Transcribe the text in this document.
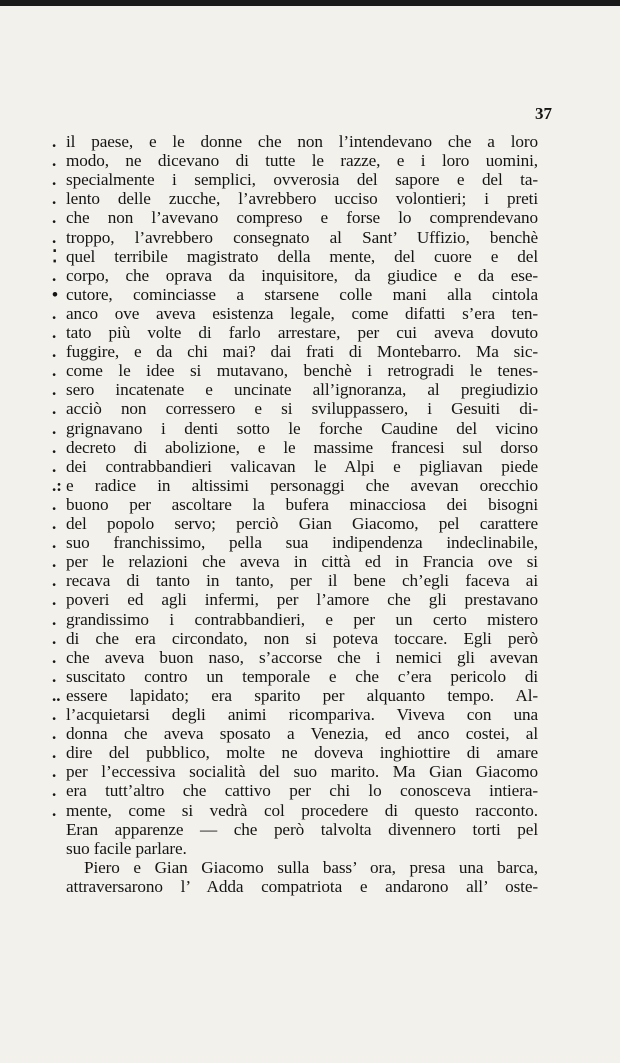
37
. il paese, e le donne che non l’intendevano che a loro
. modo, ne dicevano di tutte le razze, e i loro uomini,
. specialmente i semplici, ovverosia del sapore e del ta-
. lento delle zucche, l’avrebbero ucciso volontieri; i preti
. che non l’avevano compreso e forse lo comprendevano
. troppo, l’avrebbero consegnato al Sant’ Uffizio, benchè
⁚ quel terribile magistrato della mente, del cuore e del
. corpo, che oprava da inquisitore, da giudice e da ese-
• cutore, cominciasse a starsene colle mani alla cintola
. anco ove aveva esistenza legale, come difatti s’era ten-
. tato più volte di farlo arrestare, per cui aveva dovuto
. fuggire, e da chi mai? dai frati di Montebarro. Ma sic-
. come le idee si mutavano, benchè i retrogradi le tenes-
. sero incatenate e uncinate all’ignoranza, al pregiudizio
. acciò non corressero e si sviluppassero, i Gesuiti di-
. grignavano i denti sotto le forche Caudine del vicino
. decreto di abolizione, e le massime francesi sul dorso
. dei contrabbandieri valicavan le Alpi e pigliavan piede
.: e radice in altissimi personaggi che avevan orecchio
. buono per ascoltare la bufera minacciosa dei bisogni
. del popolo servo; perciò Gian Giacomo, pel carattere
. suo franchissimo, pella sua indipendenza indeclinabile,
. per le relazioni che aveva in città ed in Francia ove si
. recava di tanto in tanto, per il bene ch’egli faceva ai
. poveri ed agli infermi, per l’amore che gli prestavano
. grandissimo i contrabbandieri, e per un certo mistero
. di che era circondato, non si poteva toccare. Egli però
. che aveva buon naso, s’accorse che i nemici gli avevan
. suscitato contro un temporale e che c’era pericolo di
.. essere lapidato; era sparito per alquanto tempo. Al-
. l’acquietarsi degli animi ricompariva. Viveva con una
. donna che aveva sposato a Venezia, ed anco costei, al
. dire del pubblico, molte ne doveva inghiottire di amare
. per l’eccessiva socialità del suo marito. Ma Gian Giacomo
. era tutt’altro che cattivo per chi lo conosceva intiera-
. mente, come si vedrà col procedere di questo racconto.
Eran apparenze — che però talvolta divennero torti pel
suo facile parlare.
Piero e Gian Giacomo sulla bass’ ora, presa una barca,
attraversarono l’ Adda compatriota e andarono all’ oste-
